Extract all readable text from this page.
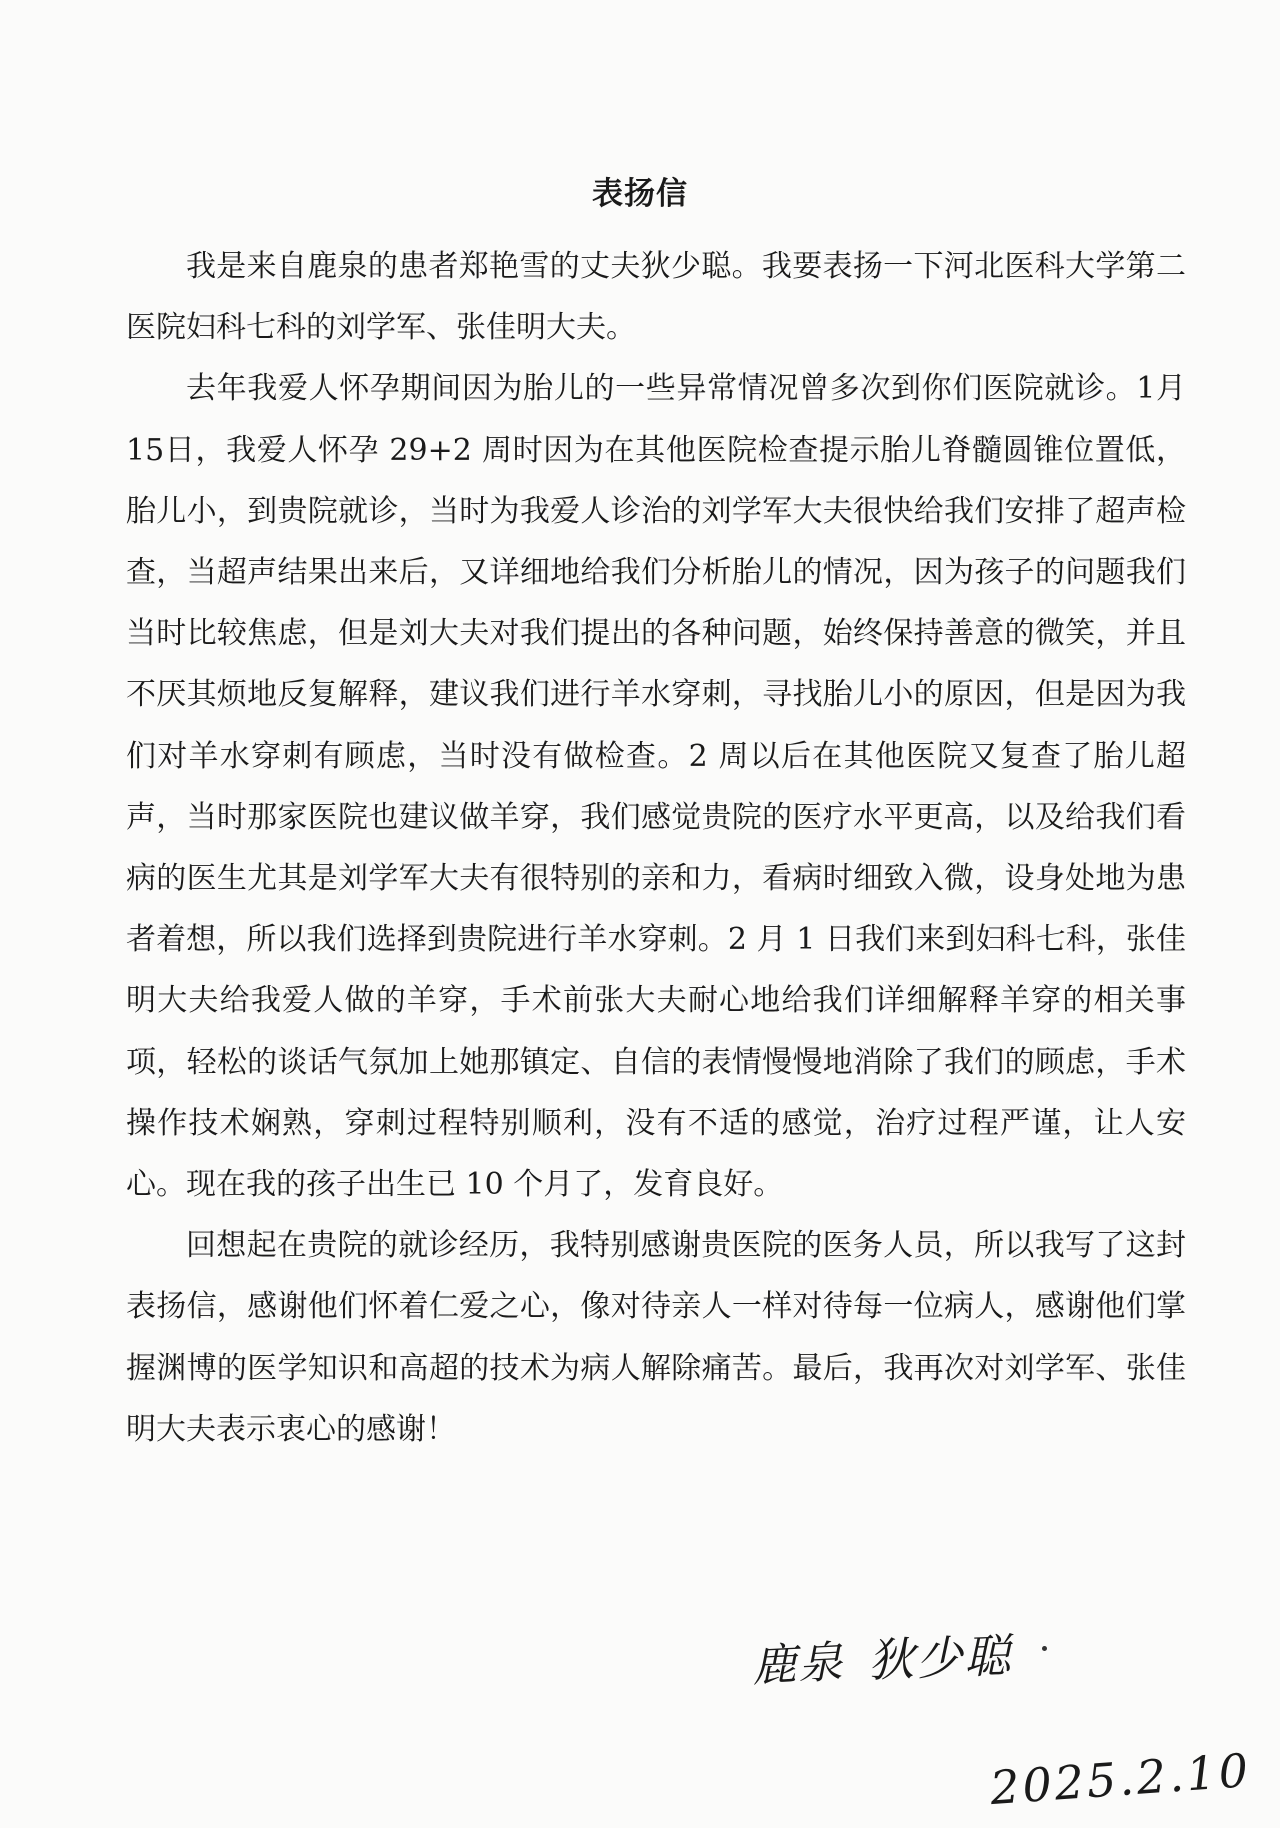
表扬信

我是来自鹿泉的患者郑艳雪的丈夫狄少聪。我要表扬一下河北医科大学第二医院妇科七科的刘学军、张佳明大夫。

去年我爱人怀孕期间因为胎儿的一些异常情况曾多次到你们医院就诊。1月15日，我爱人怀孕 29+2 周时因为在其他医院检查提示胎儿脊髓圆锥位置低，胎儿小，到贵院就诊，当时为我爱人诊治的刘学军大夫很快给我们安排了超声检查，当超声结果出来后，又详细地给我们分析胎儿的情况，因为孩子的问题我们当时比较焦虑，但是刘大夫对我们提出的各种问题，始终保持善意的微笑，并且不厌其烦地反复解释，建议我们进行羊水穿刺，寻找胎儿小的原因，但是因为我们对羊水穿刺有顾虑，当时没有做检查。2 周以后在其他医院又复查了胎儿超声，当时那家医院也建议做羊穿，我们感觉贵院的医疗水平更高，以及给我们看病的医生尤其是刘学军大夫有很特别的亲和力，看病时细致入微，设身处地为患者着想，所以我们选择到贵院进行羊水穿刺。2 月 1 日我们来到妇科七科，张佳明大夫给我爱人做的羊穿，手术前张大夫耐心地给我们详细解释羊穿的相关事项，轻松的谈话气氛加上她那镇定、自信的表情慢慢地消除了我们的顾虑，手术操作技术娴熟，穿刺过程特别顺利，没有不适的感觉，治疗过程严谨，让人安心。现在我的孩子出生已 10 个月了，发育良好。

回想起在贵院的就诊经历，我特别感谢贵医院的医务人员，所以我写了这封表扬信，感谢他们怀着仁爱之心，像对待亲人一样对待每一位病人，感谢他们掌握渊博的医学知识和高超的技术为病人解除痛苦。最后，我再次对刘学军、张佳明大夫表示衷心的感谢！

鹿泉 狄少聪
2025.2.10
